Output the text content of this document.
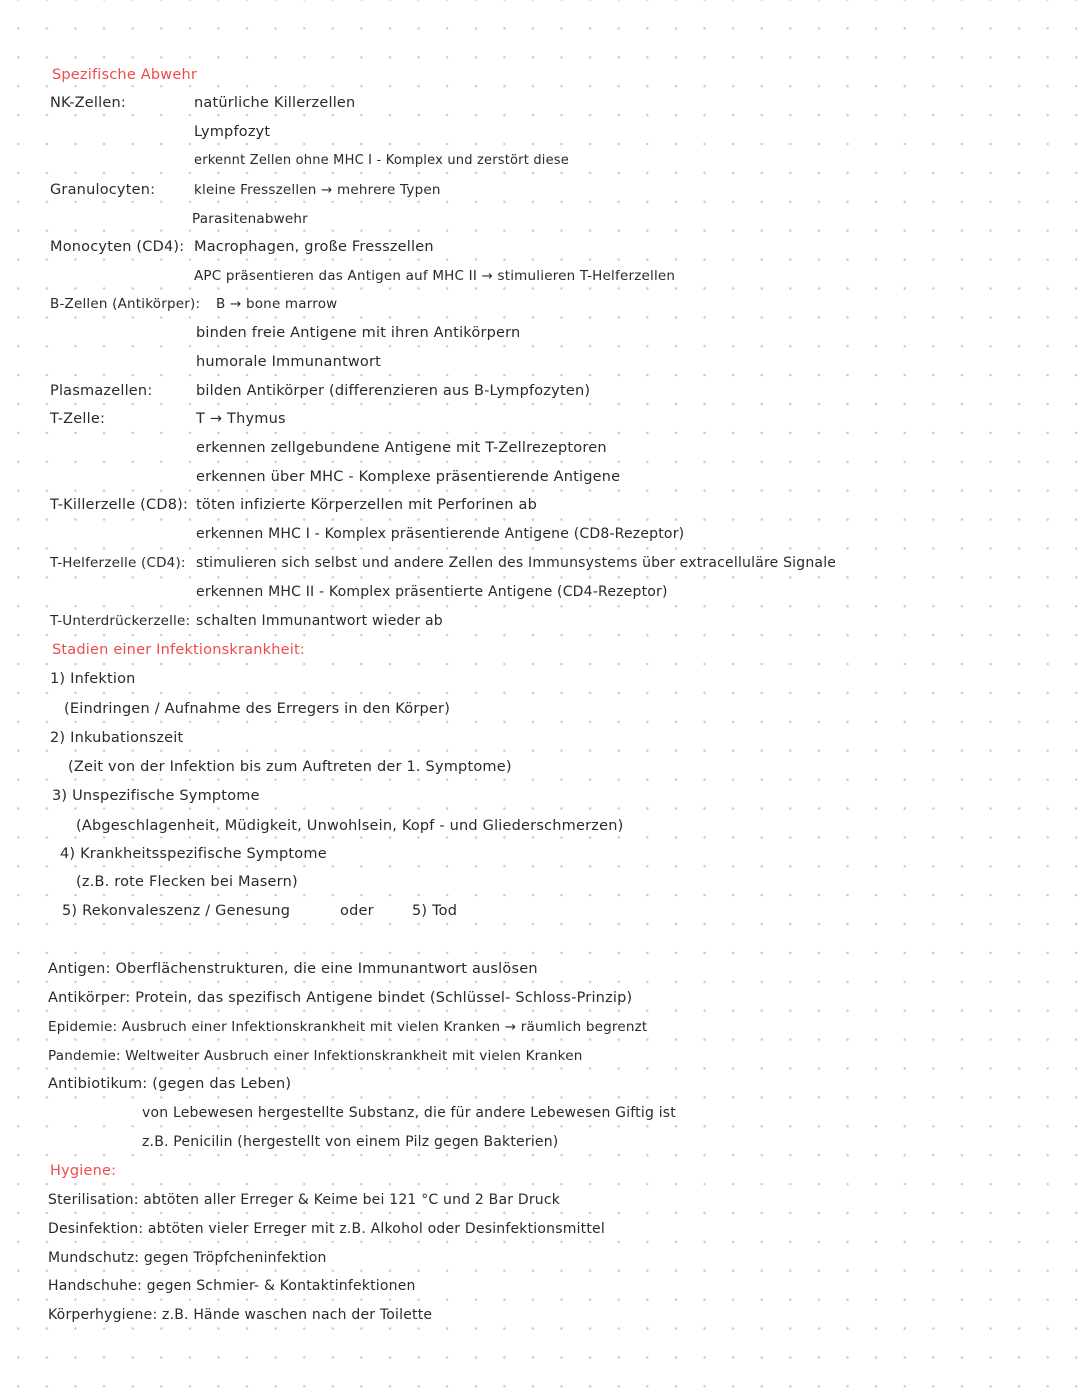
Spezifische Abwehr
NK-Zellen:	natürliche Killerzellen
Lympfozyt
erkennt Zellen ohne MHC I - Komplex und zerstört diese
Granulocyten:	kleine Fresszellen → mehrere Typen
Parasitenabwehr
Monocyten (CD4): Macrophagen, große Fresszellen
APC präsentieren das Antigen auf MHC II → stimulieren T-Helferzellen
B-Zellen (Antikörper): B → bone marrow
binden freie Antigene mit ihren Antikörpern
humorale Immunantwort
Plasmazellen:	bilden Antikörper (differenzieren aus B-Lympfozyten)
T-Zelle:	T → Thymus
erkennen zellgebundene Antigene mit T-Zellrezeptoren
erkennen über MHC - Komplexe präsentierende Antigene
T-Killerzelle (CD8): töten infizierte Körperzellen mit Perforinen ab
erkennen MHC I - Komplex präsentierende Antigene (CD8-Rezeptor)
T-Helferzelle (CD4): stimulieren sich selbst und andere Zellen des Immunsystems über extracelluläre Signale
erkennen MHC II - Komplex präsentierte Antigene (CD4-Rezeptor)
T-Unterdrückerzelle: schalten Immunantwort wieder ab
Stadien einer Infektionskrankheit:
1) Infektion
(Eindringen / Aufnahme des Erregers in den Körper)
2) Inkubationszeit
(Zeit von der Infektion bis zum Auftreten der 1. Symptome)
3) Unspezifische Symptome
(Abgeschlagenheit, Müdigkeit, Unwohlsein, Kopf - und Gliederschmerzen)
4) Krankheitsspezifische Symptome
(z.B. rote Flecken bei Masern)
5) Rekonvaleszenz / Genesung	oder	5) Tod
Antigen: Oberflächenstrukturen, die eine Immunantwort auslösen
Antikörper: Protein, das spezifisch Antigene bindet (Schlüssel- Schloss-Prinzip)
Epidemie: Ausbruch einer Infektionskrankheit mit vielen Kranken → räumlich begrenzt
Pandemie: Weltweiter Ausbruch einer Infektionskrankheit mit vielen Kranken
Antibiotikum: (gegen das Leben)
von Lebewesen hergestellte Substanz, die für andere Lebewesen Giftig ist
z.B. Penicilin (hergestellt von einem Pilz gegen Bakterien)
Hygiene:
Sterilisation: abtöten aller Erreger & Keime bei 121 °C und 2 Bar Druck
Desinfektion: abtöten vieler Erreger mit z.B. Alkohol oder Desinfektionsmittel
Mundschutz: gegen Tröpfcheninfektion
Handschuhe: gegen Schmier- & Kontaktinfektionen
Körperhygiene: z.B. Hände waschen nach der Toilette
